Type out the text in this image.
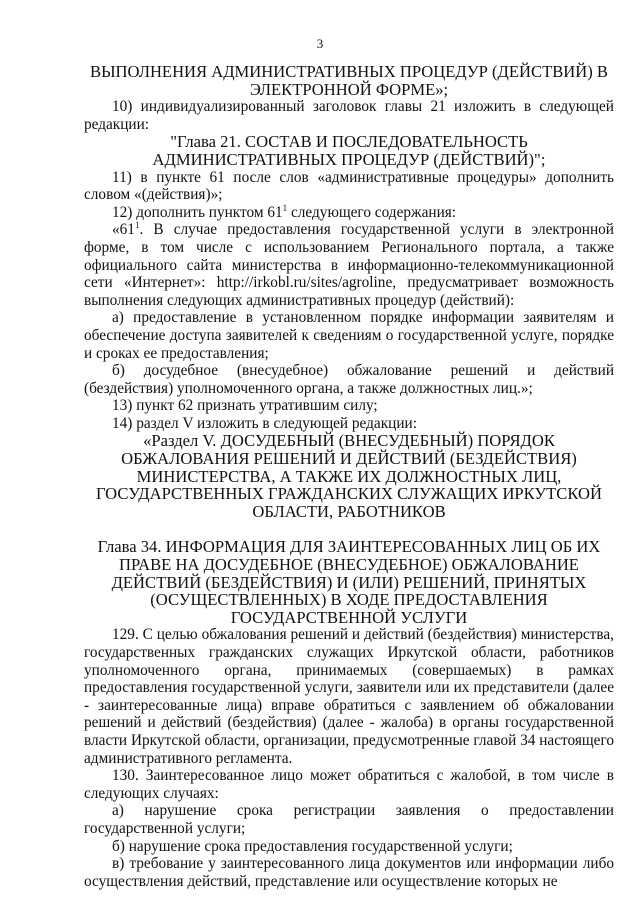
3

ВЫПОЛНЕНИЯ АДМИНИСТРАТИВНЫХ ПРОЦЕДУР (ДЕЙСТВИЙ) В ЭЛЕКТРОННОЙ ФОРМЕ»;

10) индивидуализированный заголовок главы 21 изложить в следующей редакции:

"Глава 21. СОСТАВ И ПОСЛЕДОВАТЕЛЬНОСТЬ АДМИНИСТРАТИВНЫХ ПРОЦЕДУР (ДЕЙСТВИЙ)";

11) в пункте 61 после слов «административные процедуры» дополнить словом «(действия)»;

12) дополнить пунктом $61^1$ следующего содержания:

«$61^1$. В случае предоставления государственной услуги в электронной форме, в том числе с использованием Регионального портала, а также официального сайта министерства в информационно-телекоммуникационной сети «Интернет»: http://irkobl.ru/sites/agroline, предусматривает возможность выполнения следующих административных процедур (действий):

а) предоставление в установленном порядке информации заявителям и обеспечение доступа заявителей к сведениям о государственной услуге, порядке и сроках ее предоставления;

б) досудебное (внесудебное) обжалование решений и действий (бездействия) уполномоченного органа, а также должностных лиц.»;

13) пункт 62 признать утратившим силу;

14) раздел V изложить в следующей редакции:

«Раздел V. ДОСУДЕБНЫЙ (ВНЕСУДЕБНЫЙ) ПОРЯДОК ОБЖАЛОВАНИЯ РЕШЕНИЙ И ДЕЙСТВИЙ (БЕЗДЕЙСТВИЯ) МИНИСТЕРСТВА, А ТАКЖЕ ИХ ДОЛЖНОСТНЫХ ЛИЦ, ГОСУДАРСТВЕННЫХ ГРАЖДАНСКИХ СЛУЖАЩИХ ИРКУТСКОЙ ОБЛАСТИ, РАБОТНИКОВ

Глава 34. ИНФОРМАЦИЯ ДЛЯ ЗАИНТЕРЕСОВАННЫХ ЛИЦ ОБ ИХ ПРАВЕ НА ДОСУДЕБНОЕ (ВНЕСУДЕБНОЕ) ОБЖАЛОВАНИЕ ДЕЙСТВИЙ (БЕЗДЕЙСТВИЯ) И (ИЛИ) РЕШЕНИЙ, ПРИНЯТЫХ (ОСУЩЕСТВЛЕННЫХ) В ХОДЕ ПРЕДОСТАВЛЕНИЯ ГОСУДАРСТВЕННОЙ УСЛУГИ

129. С целью обжалования решений и действий (бездействия) министерства, государственных гражданских служащих Иркутской области, работников уполномоченного органа, принимаемых (совершаемых) в рамках предоставления государственной услуги, заявители или их представители (далее - заинтересованные лица) вправе обратиться с заявлением об обжаловании решений и действий (бездействия) (далее - жалоба) в органы государственной власти Иркутской области, организации, предусмотренные главой 34 настоящего административного регламента.

130. Заинтересованное лицо может обратиться с жалобой, в том числе в следующих случаях:

а) нарушение срока регистрации заявления о предоставлении государственной услуги;

б) нарушение срока предоставления государственной услуги;

в) требование у заинтересованного лица документов или информации либо осуществления действий, представление или осуществление которых не
